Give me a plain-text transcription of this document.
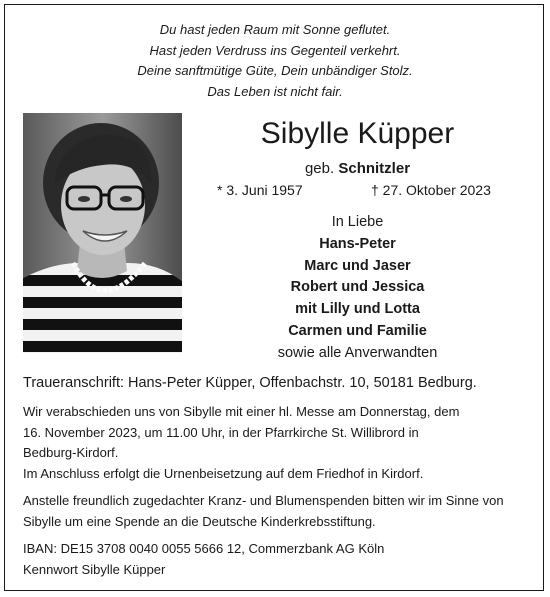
Du hast jeden Raum mit Sonne geflutet.
Hast jeden Verdruss ins Gegenteil verkehrt.
Deine sanftmütige Güte, Dein unbändiger Stolz.
Das Leben ist nicht fair.
Sibylle Küpper
geb. Schnitzler
* 3. Juni 1957	† 27. Oktober 2023
In Liebe
Hans-Peter
Marc und Jaser
Robert und Jessica
mit Lilly und Lotta
Carmen und Familie
sowie alle Anverwandten
Traueranschrift: Hans-Peter Küpper, Offenbachstr. 10, 50181 Bedburg.
Wir verabschieden uns von Sibylle mit einer hl. Messe am Donnerstag, dem
16. November 2023, um 11.00 Uhr, in der Pfarrkirche St. Willibrord in
Bedburg-Kirdorf.
Im Anschluss erfolgt die Urnenbeisetzung auf dem Friedhof in Kirdorf.
Anstelle freundlich zugedachter Kranz- und Blumenspenden bitten wir im Sinne von
Sibylle um eine Spende an die Deutsche Kinderkrebsstiftung.
IBAN: DE15 3708 0040 0055 5666 12, Commerzbank AG Köln
Kennwort Sibylle Küpper
